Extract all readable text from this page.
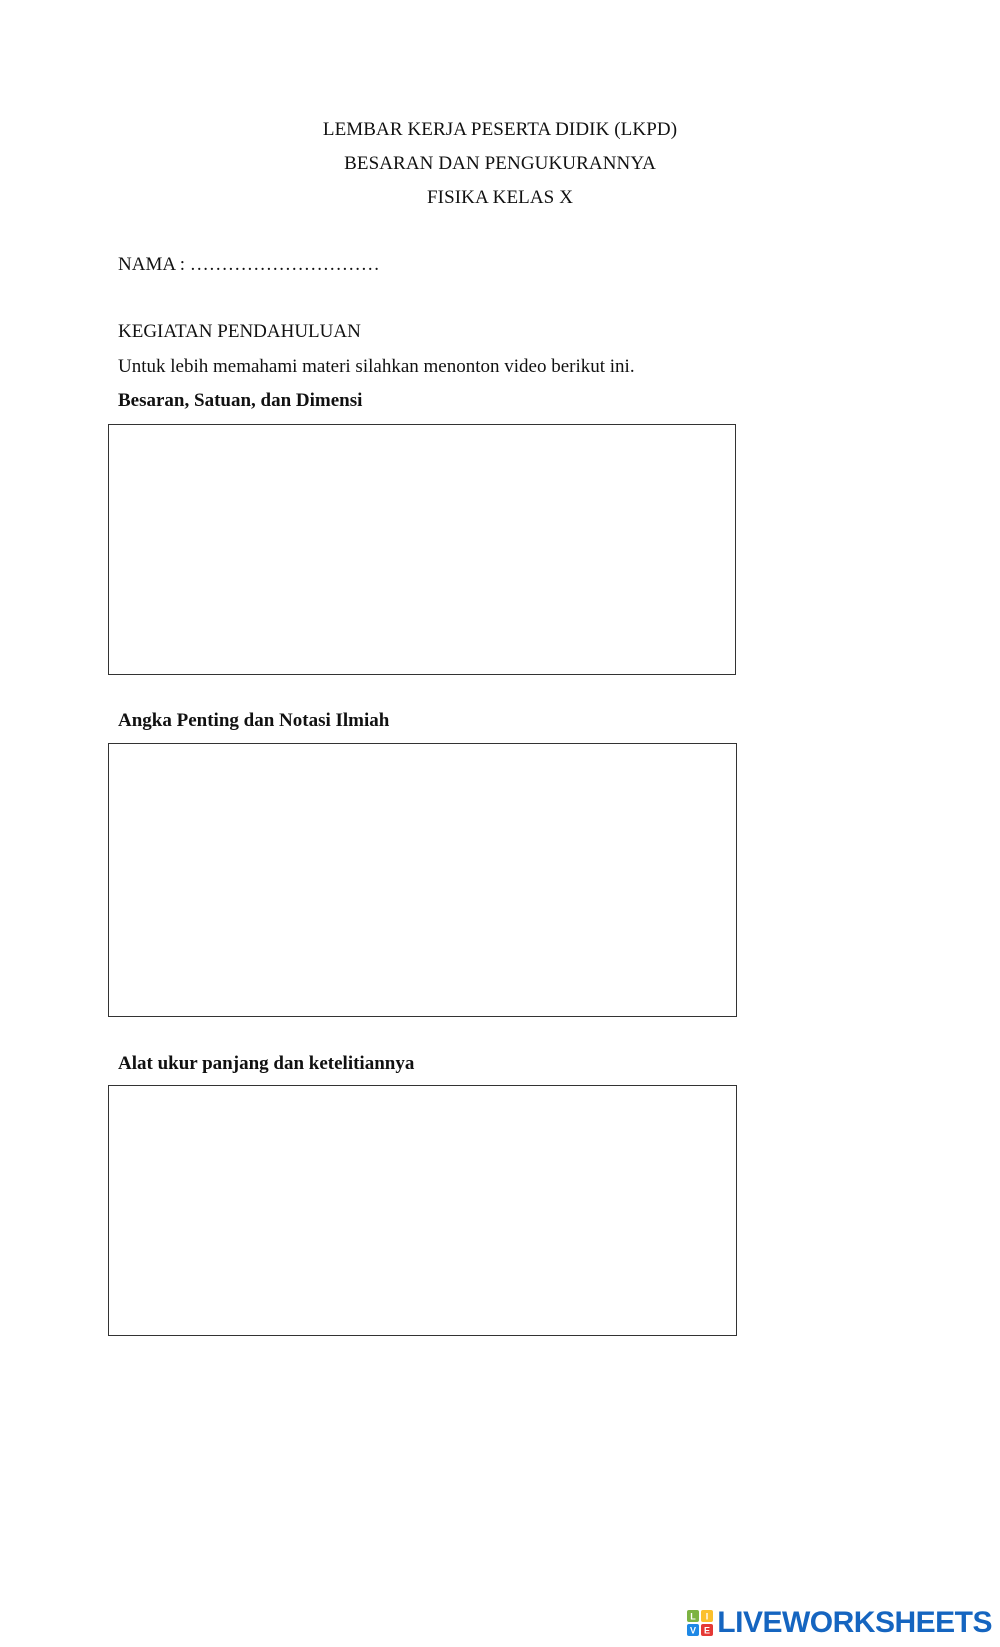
LEMBAR KERJA PESERTA DIDIK (LKPD)
BESARAN DAN PENGUKURANNYA
FISIKA KELAS X
NAMA : …………………………
KEGIATAN PENDAHULUAN
Untuk lebih memahami materi silahkan menonton video berikut ini.
Besaran, Satuan, dan Dimensi
Angka Penting dan Notasi Ilmiah
Alat ukur panjang dan ketelitiannya
L I
V E LIVEWORKSHEETS
